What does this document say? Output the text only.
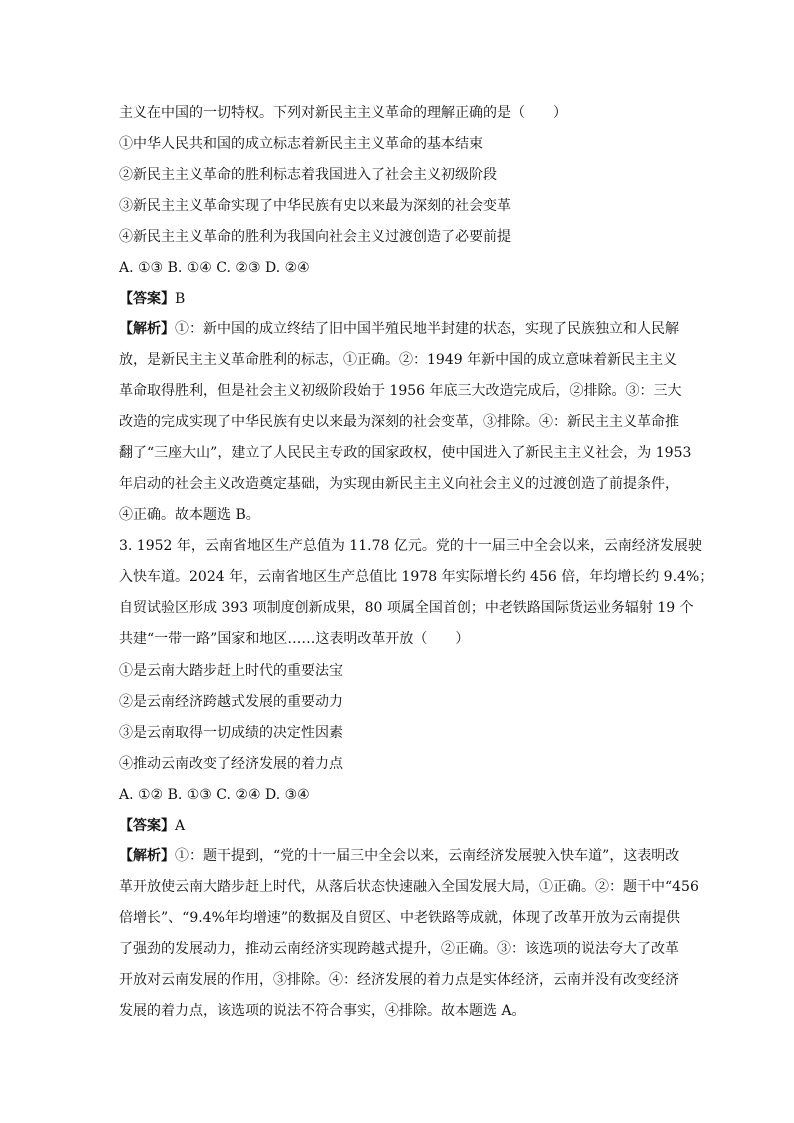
主义在中国的一切特权。下列对新民主主义革命的理解正确的是（　　）
①中华人民共和国的成立标志着新民主主义革命的基本结束
②新民主主义革命的胜利标志着我国进入了社会主义初级阶段
③新民主主义革命实现了中华民族有史以来最为深刻的社会变革
④新民主主义革命的胜利为我国向社会主义过渡创造了必要前提
A. ①③ B. ①④ C. ②③ D. ②④
【答案】B
【解析】①：新中国的成立终结了旧中国半殖民地半封建的状态，实现了民族独立和人民解
放，是新民主主义革命胜利的标志，①正确。②：1949 年新中国的成立意味着新民主主义
革命取得胜利，但是社会主义初级阶段始于 1956 年底三大改造完成后，②排除。③：三大
改造的完成实现了中华民族有史以来最为深刻的社会变革，③排除。④：新民主主义革命推
翻了“三座大山”，建立了人民民主专政的国家政权，使中国进入了新民主主义社会，为 1953
年启动的社会主义改造奠定基础，为实现由新民主主义向社会主义的过渡创造了前提条件，
④正确。故本题选 B。
3. 1952 年，云南省地区生产总值为 11.78 亿元。党的十一届三中全会以来，云南经济发展驶
入快车道。2024 年，云南省地区生产总值比 1978 年实际增长约 456 倍，年均增长约 9.4%；
自贸试验区形成 393 项制度创新成果，80 项属全国首创；中老铁路国际货运业务辐射 19 个
共建“一带一路”国家和地区……这表明改革开放（　　）
①是云南大踏步赶上时代的重要法宝
②是云南经济跨越式发展的重要动力
③是云南取得一切成绩的决定性因素
④推动云南改变了经济发展的着力点
A. ①② B. ①③ C. ②④ D. ③④
【答案】A
【解析】①：题干提到，“党的十一届三中全会以来，云南经济发展驶入快车道”，这表明改
革开放使云南大踏步赶上时代，从落后状态快速融入全国发展大局，①正确。②：题干中“456
倍增长”、“9.4%年均增速”的数据及自贸区、中老铁路等成就，体现了改革开放为云南提供
了强劲的发展动力，推动云南经济实现跨越式提升，②正确。③：该选项的说法夸大了改革
开放对云南发展的作用，③排除。④：经济发展的着力点是实体经济，云南并没有改变经济
发展的着力点，该选项的说法不符合事实，④排除。故本题选 A。
